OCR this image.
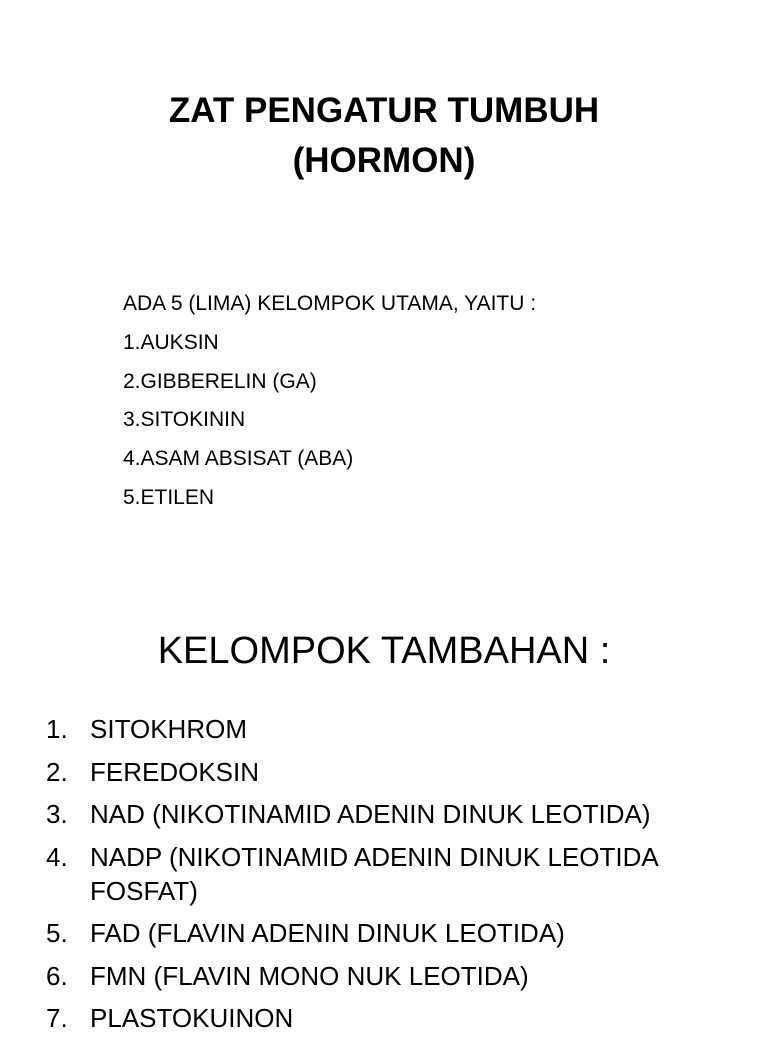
ZAT PENGATUR TUMBUH
(HORMON)
ADA 5 (LIMA) KELOMPOK UTAMA, YAITU :
1.AUKSIN
2.GIBBERELIN (GA)
3.SITOKININ
4.ASAM ABSISAT (ABA)
5.ETILEN
KELOMPOK TAMBAHAN :
1. SITOKHROM
2. FEREDOKSIN
3. NAD (NIKOTINAMID ADENIN DINUK LEOTIDA)
4. NADP (NIKOTINAMID ADENIN DINUK LEOTIDA FOSFAT)
5. FAD (FLAVIN ADENIN DINUK LEOTIDA)
6. FMN (FLAVIN MONO NUK LEOTIDA)
7. PLASTOKUINON
